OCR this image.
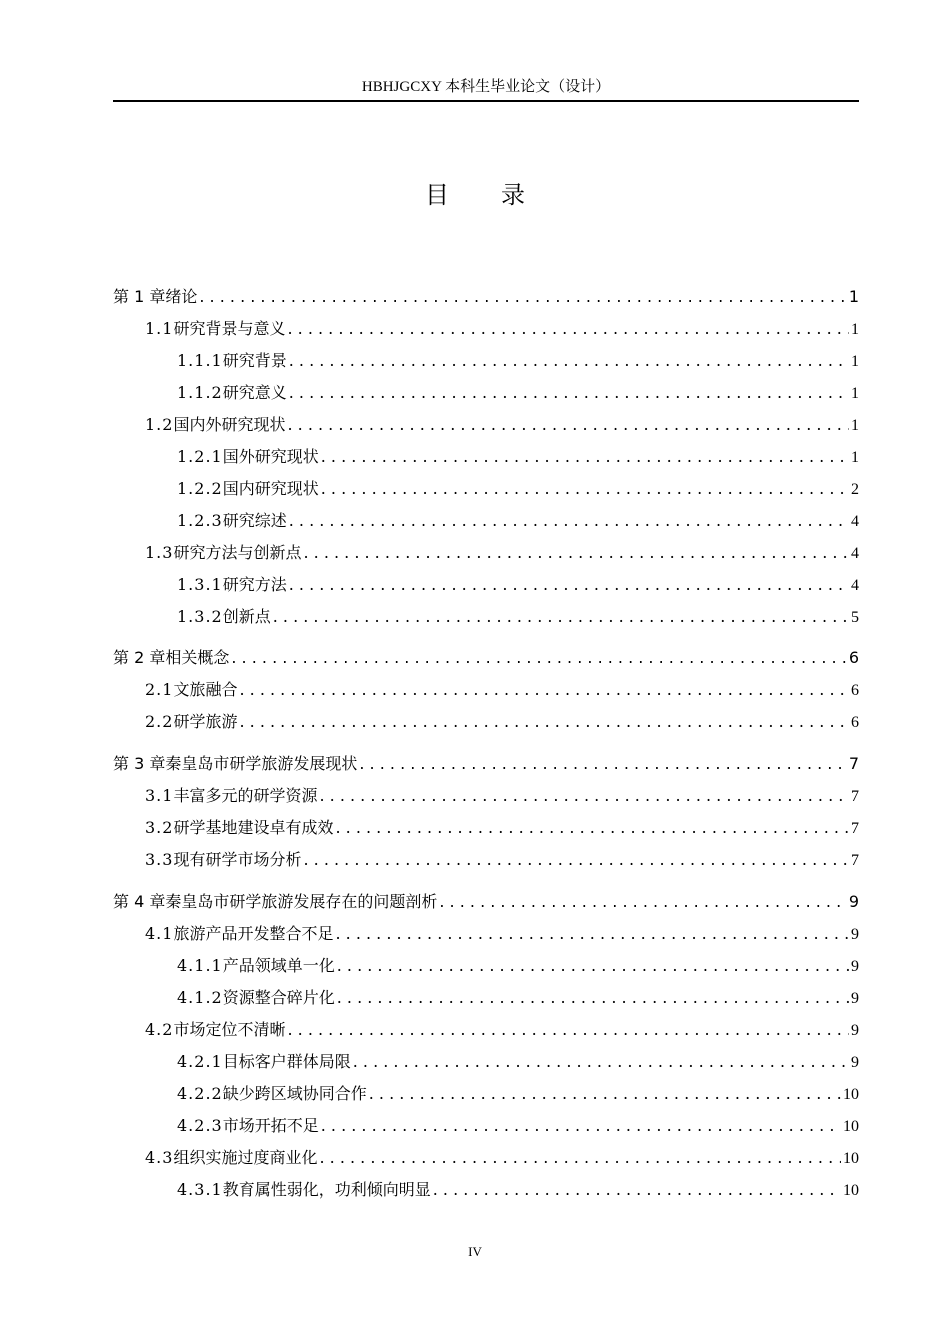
HBHJGCXY 本科生毕业论文（设计）
目录
第 1 章 绪论 . . .	1
1.1 研究背景与意义 . . .	1
1.1.1 研究背景 . . .	1
1.1.2 研究意义 . . .	1
1.2 国内外研究现状 . . .	1
1.2.1 国外研究现状 . . .	1
1.2.2 国内研究现状 . . .	2
1.2.3 研究综述 . . .	4
1.3 研究方法与创新点 . . .	4
1.3.1 研究方法 . . .	4
1.3.2 创新点 . . .	5
第 2 章 相关概念 . . .	6
2.1 文旅融合 . . .	6
2.2 研学旅游 . . .	6
第 3 章 秦皇岛市研学旅游发展现状 . . .	7
3.1 丰富多元的研学资源 . . .	7
3.2 研学基地建设卓有成效 . . .	7
3.3 现有研学市场分析 . . .	7
第 4 章 秦皇岛市研学旅游发展存在的问题剖析 . . .	9
4.1 旅游产品开发整合不足 . . .	9
4.1.1 产品领域单一化 . . .	9
4.1.2 资源整合碎片化 . . .	9
4.2 市场定位不清晰 . . .	9
4.2.1 目标客户群体局限 . . .	9
4.2.2 缺少跨区域协同合作 . . .	10
4.2.3 市场开拓不足 . . .	10
4.3 组织实施过度商业化 . . .	10
4.3.1 教育属性弱化，功利倾向明显 . . .	10
IV
